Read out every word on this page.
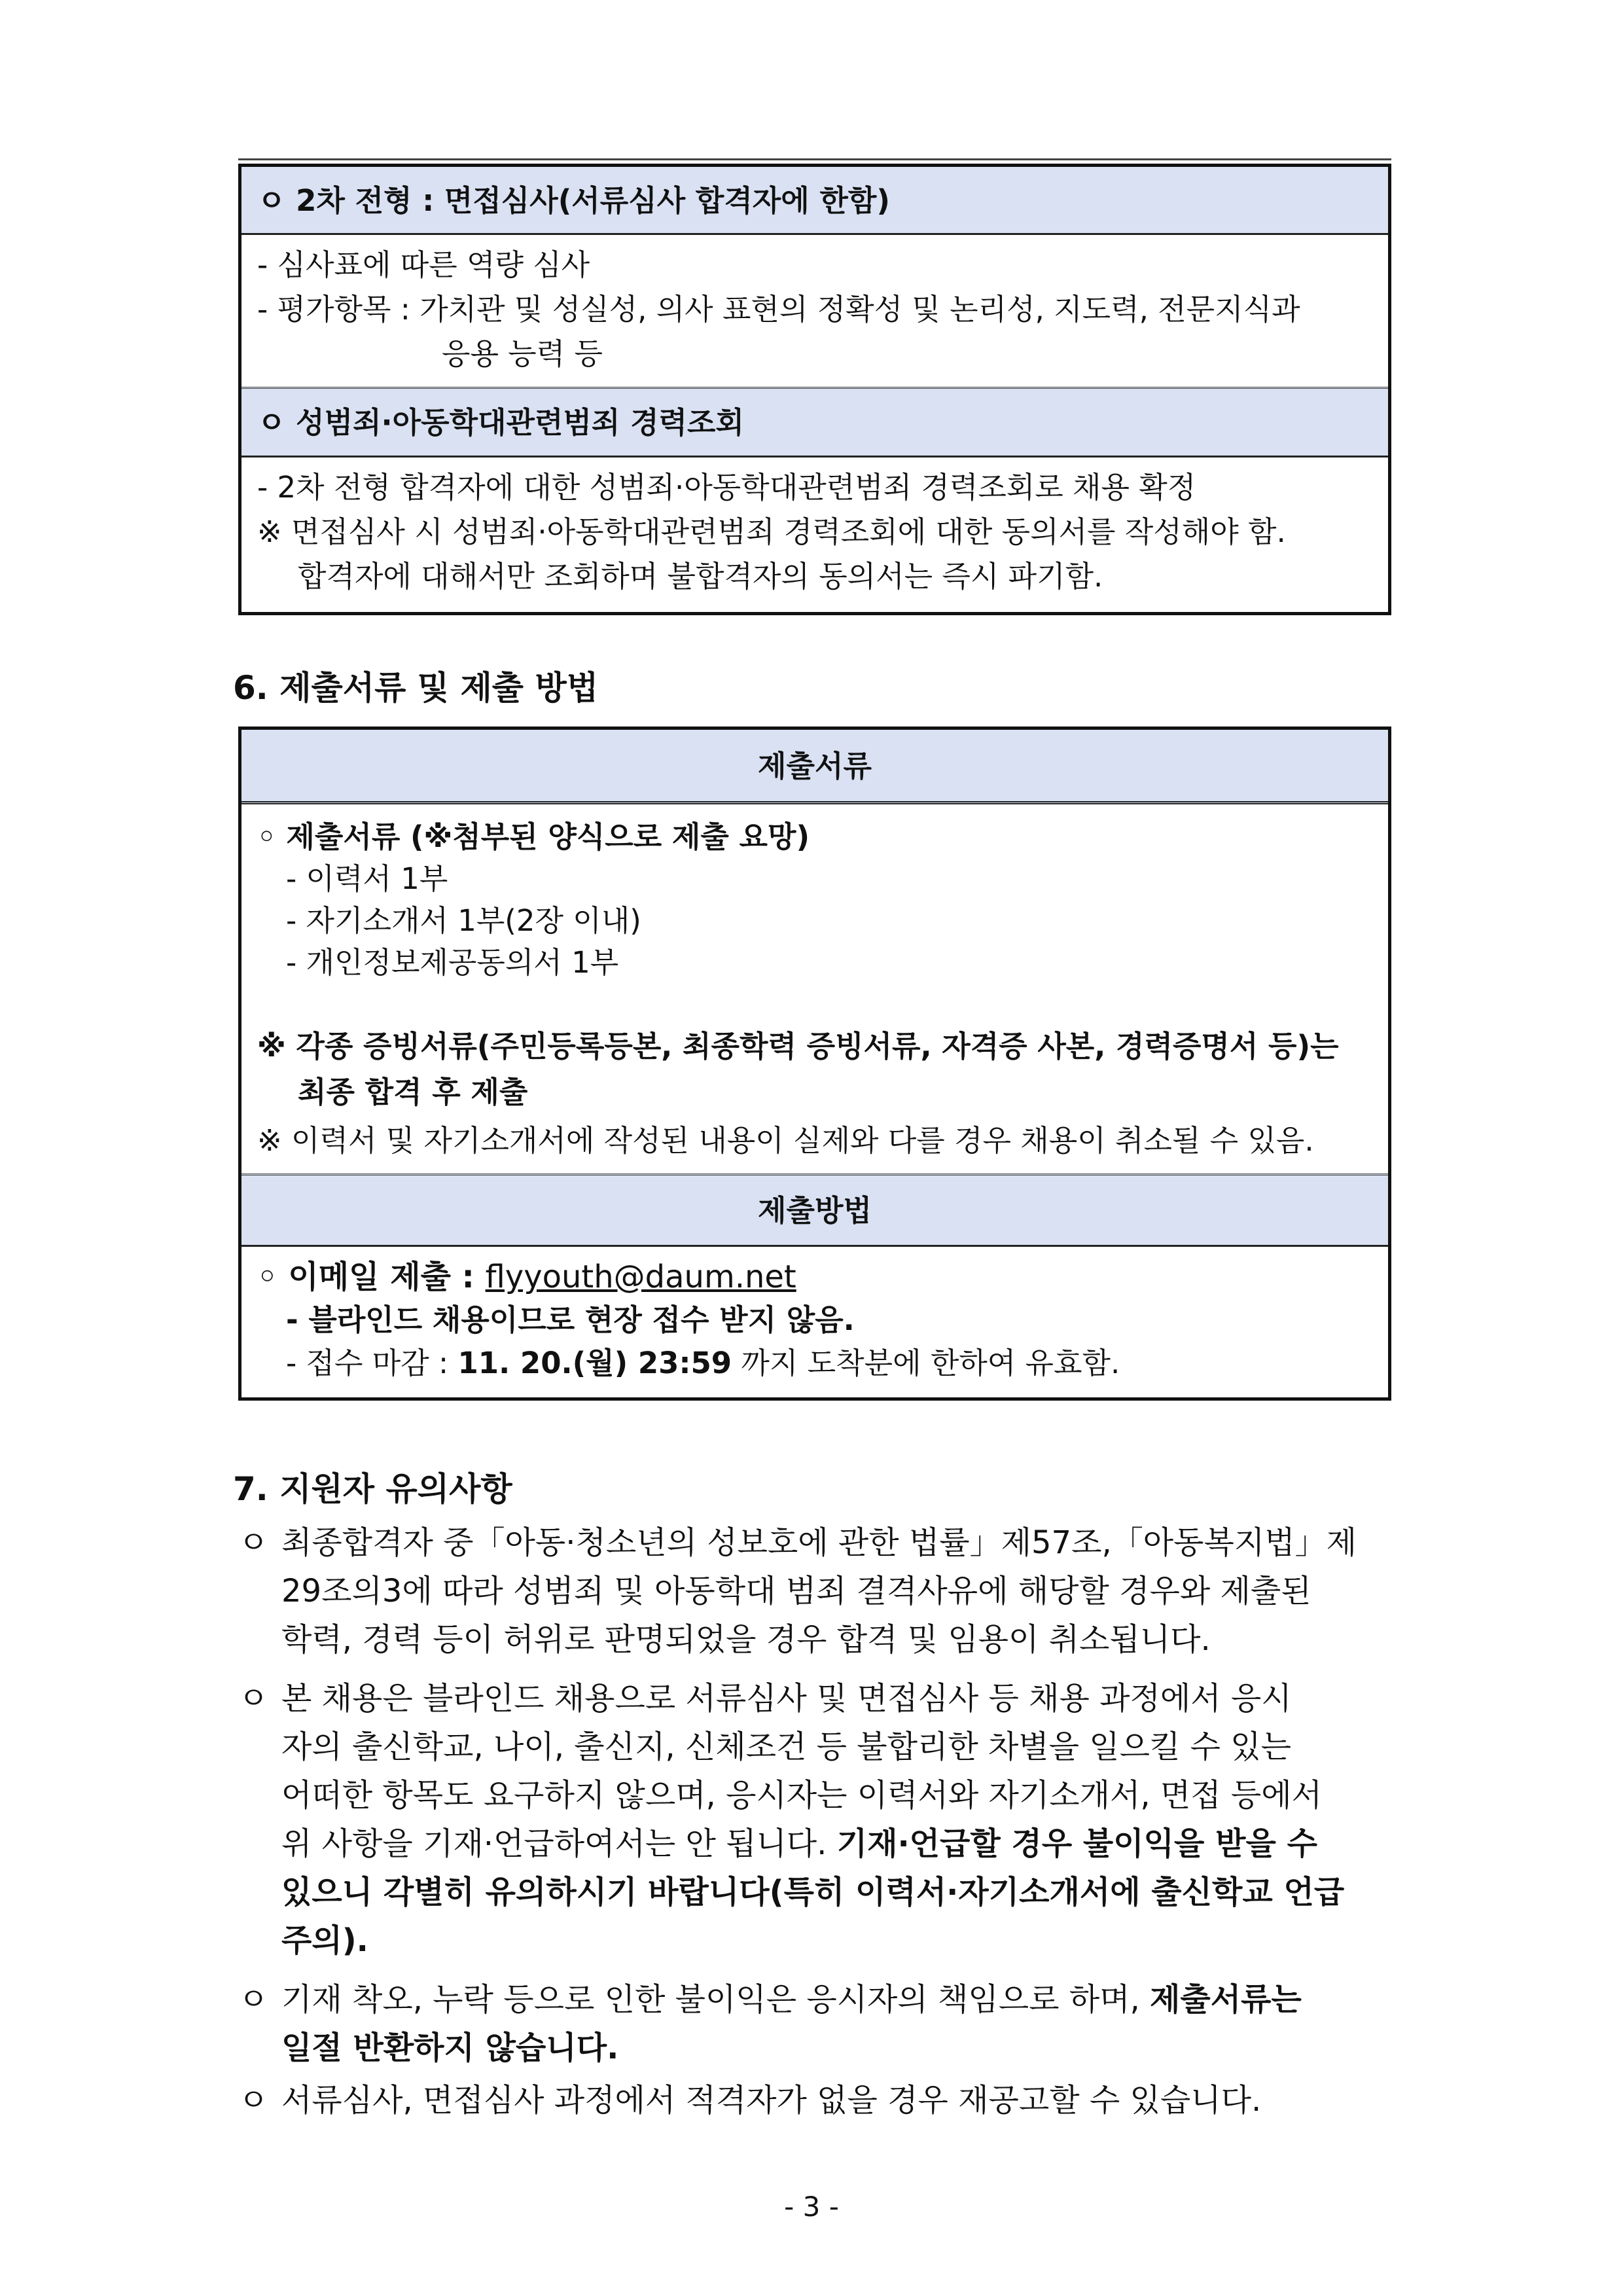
ㅇ 2차 전형 : 면접심사(서류심사 합격자에 한함)
- 심사표에 따른 역량 심사
- 평가항목 : 가치관 및 성실성, 의사 표현의 정확성 및 논리성, 지도력, 전문지식과
응용 능력 등
ㅇ 성범죄·아동학대관련범죄 경력조회
- 2차 전형 합격자에 대한 성범죄·아동학대관련범죄 경력조회로 채용 확정
※ 면접심사 시 성범죄·아동학대관련범죄 경력조회에 대한 동의서를 작성해야 함.
합격자에 대해서만 조회하며 불합격자의 동의서는 즉시 파기함.
6. 제출서류 및 제출 방법
제출서류
◦ 제출서류 (※첨부된 양식으로 제출 요망)
- 이력서 1부
- 자기소개서 1부(2장 이내)
- 개인정보제공동의서 1부
※ 각종 증빙서류(주민등록등본, 최종학력 증빙서류, 자격증 사본, 경력증명서 등)는
최종 합격 후 제출
※ 이력서 및 자기소개서에 작성된 내용이 실제와 다를 경우 채용이 취소될 수 있음.
제출방법
◦ 이메일 제출 : flyyouth@daum.net
- 블라인드 채용이므로 현장 접수 받지 않음.
- 접수 마감 : 11. 20.(월) 23:59 까지 도착분에 한하여 유효함.
7. 지원자 유의사항
ㅇ 최종합격자 중「아동·청소년의 성보호에 관한 법률」제57조,「아동복지법」제
29조의3에 따라 성범죄 및 아동학대 범죄 결격사유에 해당할 경우와 제출된
학력, 경력 등이 허위로 판명되었을 경우 합격 및 임용이 취소됩니다.
ㅇ 본 채용은 블라인드 채용으로 서류심사 및 면접심사 등 채용 과정에서 응시
자의 출신학교, 나이, 출신지, 신체조건 등 불합리한 차별을 일으킬 수 있는
어떠한 항목도 요구하지 않으며, 응시자는 이력서와 자기소개서, 면접 등에서
위 사항을 기재·언급하여서는 안 됩니다. 기재·언급할 경우 불이익을 받을 수
있으니 각별히 유의하시기 바랍니다(특히 이력서·자기소개서에 출신학교 언급
주의).
ㅇ 기재 착오, 누락 등으로 인한 불이익은 응시자의 책임으로 하며, 제출서류는
일절 반환하지 않습니다.
ㅇ 서류심사, 면접심사 과정에서 적격자가 없을 경우 재공고할 수 있습니다.
- 3 -
